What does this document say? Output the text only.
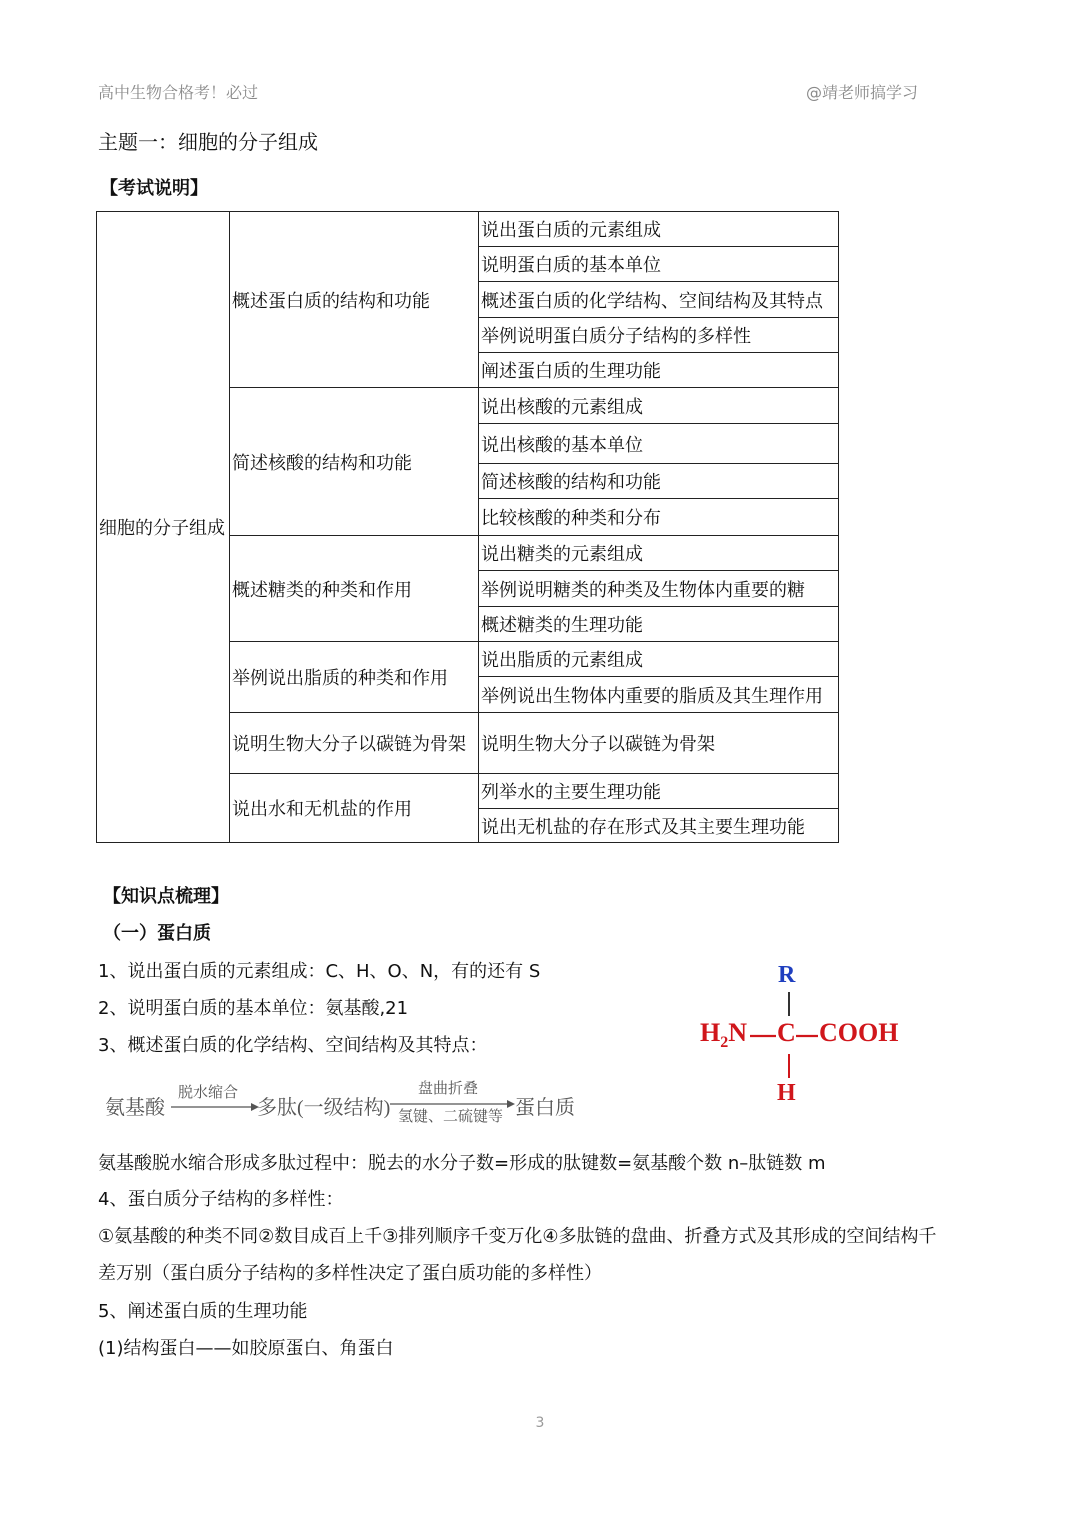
高中生物合格考！必过	@靖老师搞学习
主题一：细胞的分子组成
【考试说明】
细胞的分子组成	概述蛋白质的结构和功能	说出蛋白质的元素组成
		说明蛋白质的基本单位
		概述蛋白质的化学结构、空间结构及其特点
		举例说明蛋白质分子结构的多样性
		阐述蛋白质的生理功能
	简述核酸的结构和功能	说出核酸的元素组成
		说出核酸的基本单位
		简述核酸的结构和功能
		比较核酸的种类和分布
	概述糖类的种类和作用	说出糖类的元素组成
		举例说明糖类的种类及生物体内重要的糖
		概述糖类的生理功能
	举例说出脂质的种类和作用	说出脂质的元素组成
		举例说出生物体内重要的脂质及其生理作用
	说明生物大分子以碳链为骨架	说明生物大分子以碳链为骨架
	说出水和无机盐的作用	列举水的主要生理功能
		说出无机盐的存在形式及其主要生理功能
【知识点梳理】
（一）蛋白质
1、说出蛋白质的元素组成：C、H、O、N，有的还有 S
2、说明蛋白质的基本单位：氨基酸,21
3、概述蛋白质的化学结构、空间结构及其特点：
氨基酸
脱水缩合
多肽(一级结构)
盘曲折叠
氢键、二硫键等 蛋白质
R
$H_2N$ C COOH
H
氨基酸脱水缩合形成多肽过程中：脱去的水分子数=形成的肽键数=氨基酸个数 n–肽链数 m
4、蛋白质分子结构的多样性：
①氨基酸的种类不同②数目成百上千③排列顺序千变万化④多肽链的盘曲、折叠方式及其形成的空间结构千
差万别（蛋白质分子结构的多样性决定了蛋白质功能的多样性）
5、阐述蛋白质的生理功能
(1)结构蛋白——如胶原蛋白、角蛋白
3
